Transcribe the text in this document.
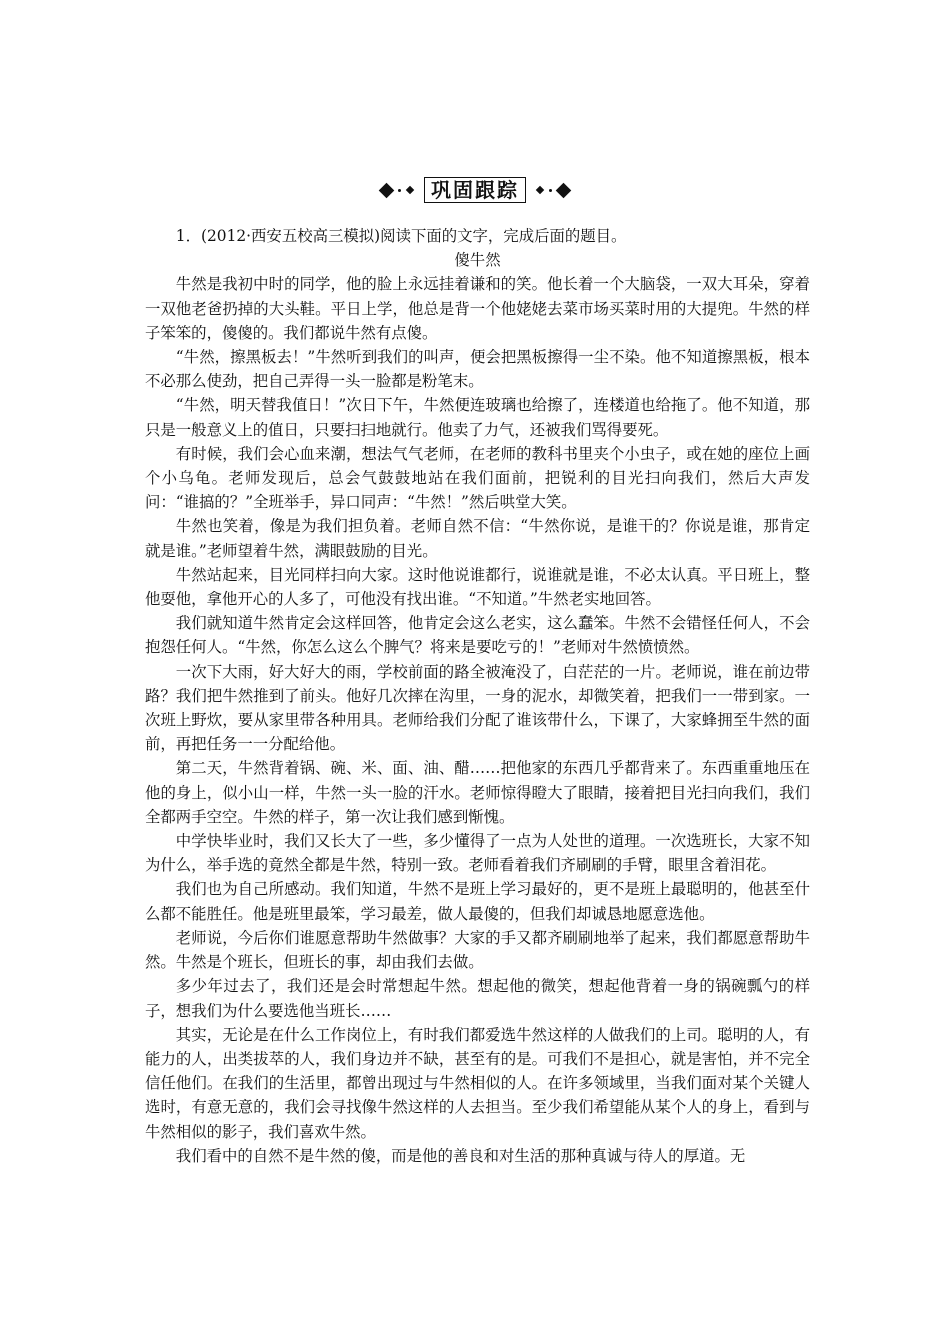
巩固跟踪

1．(2012·西安五校高三模拟)阅读下面的文字，完成后面的题目。

傻牛然

牛然是我初中时的同学，他的脸上永远挂着谦和的笑。他长着一个大脑袋，一双大耳朵，穿着一双他老爸扔掉的大头鞋。平日上学，他总是背一个他姥姥去菜市场买菜时用的大提兜。牛然的样子笨笨的，傻傻的。我们都说牛然有点傻。

“牛然，擦黑板去！”牛然听到我们的叫声，便会把黑板擦得一尘不染。他不知道擦黑板，根本不必那么使劲，把自己弄得一头一脸都是粉笔末。

“牛然，明天替我值日！”次日下午，牛然便连玻璃也给擦了，连楼道也给拖了。他不知道，那只是一般意义上的值日，只要扫扫地就行。他卖了力气，还被我们骂得要死。

有时候，我们会心血来潮，想法气气老师，在老师的教科书里夹个小虫子，或在她的座位上画个小乌龟。老师发现后，总会气鼓鼓地站在我们面前，把锐利的目光扫向我们，然后大声发问：“谁搞的？”全班举手，异口同声：“牛然！”然后哄堂大笑。

牛然也笑着，像是为我们担负着。老师自然不信：“牛然你说，是谁干的？你说是谁，那肯定就是谁。”老师望着牛然，满眼鼓励的目光。

牛然站起来，目光同样扫向大家。这时他说谁都行，说谁就是谁，不必太认真。平日班上，整他耍他，拿他开心的人多了，可他没有找出谁。“不知道。”牛然老实地回答。

我们就知道牛然肯定会这样回答，他肯定会这么老实，这么蠢笨。牛然不会错怪任何人，不会抱怨任何人。“牛然，你怎么这么个脾气？将来是要吃亏的！”老师对牛然愤愤然。

一次下大雨，好大好大的雨，学校前面的路全被淹没了，白茫茫的一片。老师说，谁在前边带路？我们把牛然推到了前头。他好几次摔在沟里，一身的泥水，却微笑着，把我们一一带到家。一次班上野炊，要从家里带各种用具。老师给我们分配了谁该带什么，下课了，大家蜂拥至牛然的面前，再把任务一一分配给他。

第二天，牛然背着锅、碗、米、面、油、醋……把他家的东西几乎都背来了。东西重重地压在他的身上，似小山一样，牛然一头一脸的汗水。老师惊得瞪大了眼睛，接着把目光扫向我们，我们全都两手空空。牛然的样子，第一次让我们感到惭愧。

中学快毕业时，我们又长大了一些，多少懂得了一点为人处世的道理。一次选班长，大家不知为什么，举手选的竟然全都是牛然，特别一致。老师看着我们齐刷刷的手臂，眼里含着泪花。

我们也为自己所感动。我们知道，牛然不是班上学习最好的，更不是班上最聪明的，他甚至什么都不能胜任。他是班里最笨，学习最差，做人最傻的，但我们却诚恳地愿意选他。

老师说，今后你们谁愿意帮助牛然做事？大家的手又都齐刷刷地举了起来，我们都愿意帮助牛然。牛然是个班长，但班长的事，却由我们去做。

多少年过去了，我们还是会时常想起牛然。想起他的微笑，想起他背着一身的锅碗瓢勺的样子，想我们为什么要选他当班长……

其实，无论是在什么工作岗位上，有时我们都爱选牛然这样的人做我们的上司。聪明的人，有能力的人，出类拔萃的人，我们身边并不缺，甚至有的是。可我们不是担心，就是害怕，并不完全信任他们。在我们的生活里，都曾出现过与牛然相似的人。在许多领域里，当我们面对某个关键人选时，有意无意的，我们会寻找像牛然这样的人去担当。至少我们希望能从某个人的身上，看到与牛然相似的影子，我们喜欢牛然。

我们看中的自然不是牛然的傻，而是他的善良和对生活的那种真诚与待人的厚道。无
